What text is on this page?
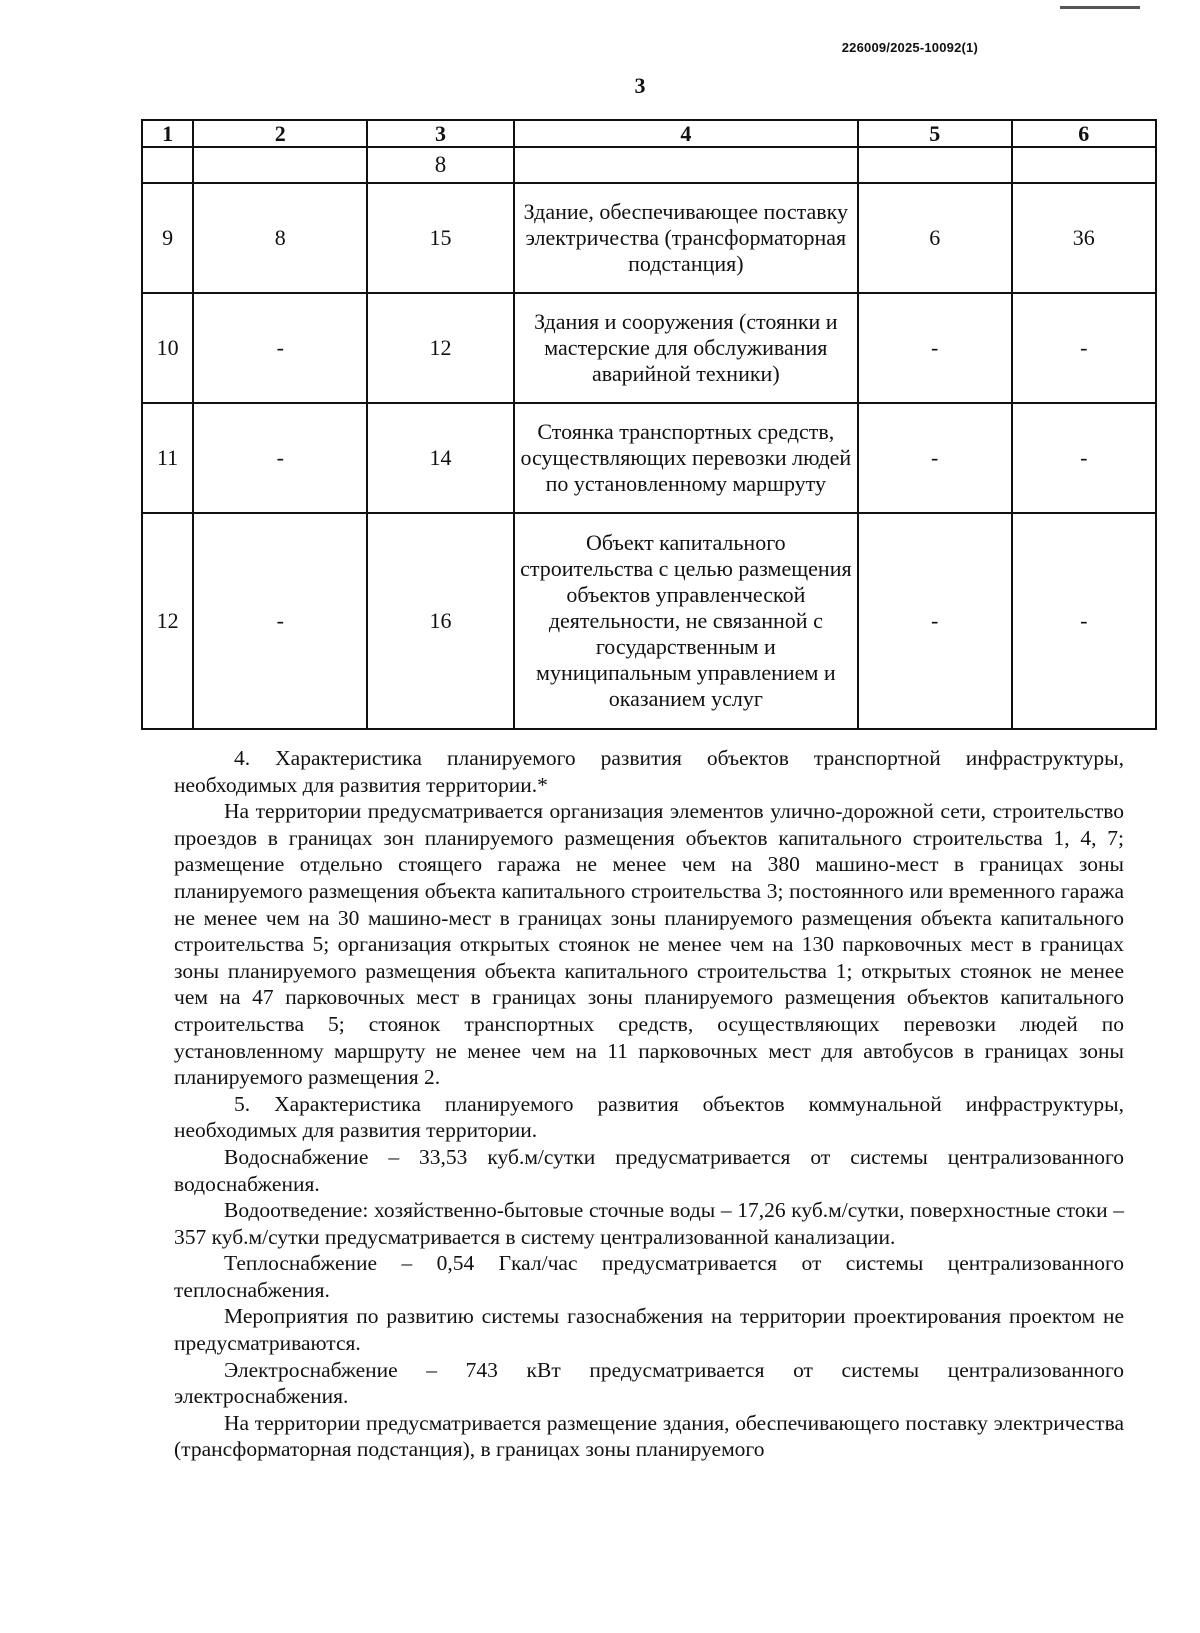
226009/2025-10092(1)
3
1	2	3	4	5	6
		8			
9	8	15	Здание, обеспечивающее поставку электричества (трансформаторная подстанция)	6	36
10	-	12	Здания и сооружения (стоянки и мастерские для обслуживания аварийной техники)	-	-
11	-	14	Стоянка транспортных средств, осуществляющих перевозки людей по установленному маршруту	-	-
12	-	16	Объект капитального строительства с целью размещения объектов управленческой деятельности, не связанной с государственным и муниципальным управлением и оказанием услуг	-	-

4. Характеристика планируемого развития объектов транспортной инфраструктуры, необходимых для развития территории.*

На территории предусматривается организация элементов улично-дорожной сети, строительство проездов в границах зон планируемого размещения объектов капитального строительства 1, 4, 7; размещение отдельно стоящего гаража не менее чем на 380 машино-мест в границах зоны планируемого размещения объекта капитального строительства 3; постоянного или временного гаража не менее чем на 30 машино-мест в границах зоны планируемого размещения объекта капитального строительства 5; организация открытых стоянок не менее чем на 130 парковочных мест в границах зоны планируемого размещения объекта капитального строительства 1; открытых стоянок не менее чем на 47 парковочных мест в границах зоны планируемого размещения объектов капитального строительства 5; стоянок транспортных средств, осуществляющих перевозки людей по установленному маршруту не менее чем на 11 парковочных мест для автобусов в границах зоны планируемого размещения 2.

5. Характеристика планируемого развития объектов коммунальной инфраструктуры, необходимых для развития территории.

Водоснабжение – 33,53 куб.м/сутки предусматривается от системы централизованного водоснабжения.

Водоотведение: хозяйственно-бытовые сточные воды – 17,26 куб.м/сутки, поверхностные стоки – 357 куб.м/сутки предусматривается в систему централизованной канализации.

Теплоснабжение – 0,54 Гкал/час предусматривается от системы централизованного теплоснабжения.

Мероприятия по развитию системы газоснабжения на территории проектирования проектом не предусматриваются.

Электроснабжение – 743 кВт предусматривается от системы централизованного электроснабжения.

На территории предусматривается размещение здания, обеспечивающего поставку электричества (трансформаторная подстанция), в границах зоны планируемого
